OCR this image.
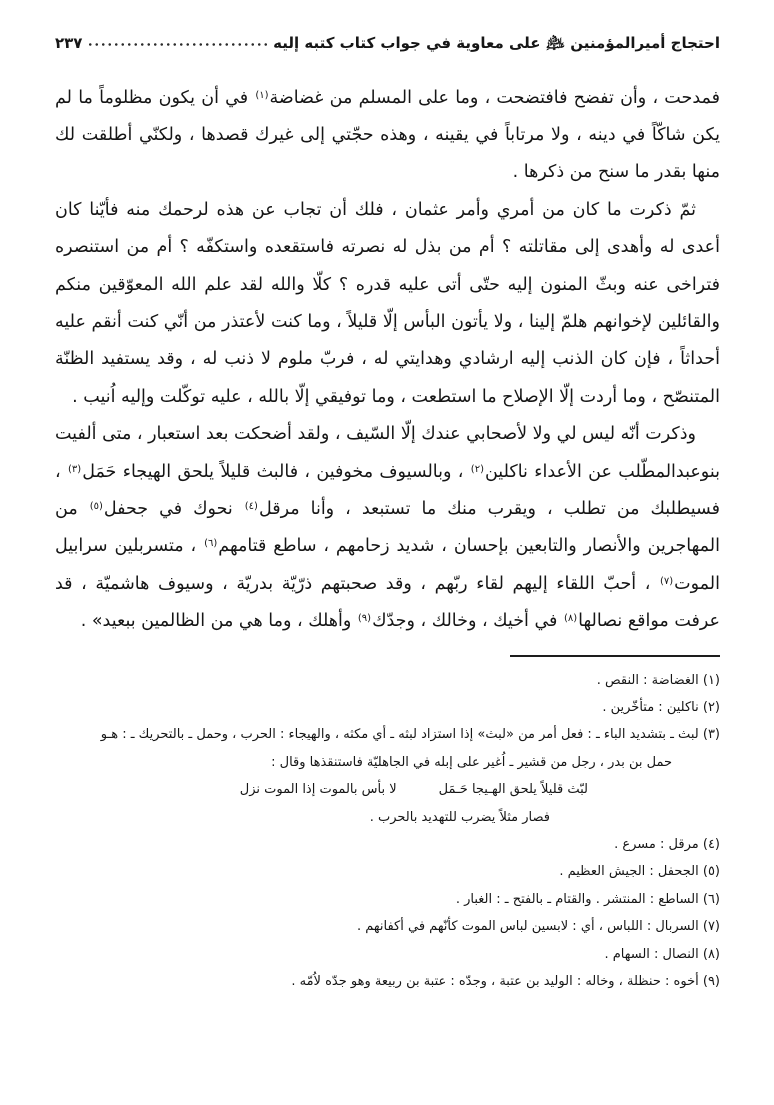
احتجاج أميرالمؤمنين ﵇ على معاوية في جواب كتاب كتبه إليه
٢٣٧

فمدحت ، وأن تفضح فافتضحت ، وما على المسلم من غضاضة$^{(١)}$ في أن يكون مظلوماً ما لم يكن شاكّاً في دينه ، ولا مرتاباً في يقينه ، وهذه حجّتي إلى غيرك قصدها ، ولكنّي أطلقت لك منها بقدر ما سنح من ذكرها .

ثمّ ذكرت ما كان من أمري وأمر عثمان ، فلك أن تجاب عن هذه لرحمك منه فأيّنا كان أعدى له وأهدى إلى مقاتلته ؟ أم من بذل له نصرته فاستقعده واستكفّه ؟ أم من استنصره فتراخى عنه وبثّ المنون إليه حتّى أتى عليه قدره ؟ كلّا والله لقد علم الله المعوّقين منكم والقائلين لإخوانهم هلمّ إلينا ، ولا يأتون البأس إلّا قليلاً ، وما كنت لأعتذر من أنّي كنت أنقم عليه أحداثاً ، فإن كان الذنب إليه ارشادي وهدايتي له ، فربّ ملوم لا ذنب له ، وقد يستفيد الظنّة المتنصّح ، وما أردت إلّا الإصلاح ما استطعت ، وما توفيقي إلّا بالله ، عليه توكّلت وإليه اُنيب .

وذكرت أنّه ليس لي ولا لأصحابي عندك إلّا السّيف ، ولقد أضحكت بعد استعبار ، متى ألفيت بنوعبدالمطّلب عن الأعداء ناكلين$^{(٢)}$ ، وبالسيوف مخوفين ، فالبث قليلاً يلحق الهيجاء حَمَل$^{(٣)}$ ، فسيطلبك من تطلب ، ويقرب منك ما تستبعد ، وأنا مرقل$^{(٤)}$ نحوك في جحفل$^{(٥)}$ من المهاجرين والأنصار والتابعين بإحسان ، شديد زحامهم ، ساطع قتامهم$^{(٦)}$ ، متسربلين سرابيل الموت$^{(٧)}$ ، أحبّ اللقاء إليهم لقاء ربّهم ، وقد صحبتهم ذرّيّة بدريّة ، وسيوف هاشميّة ، قد عرفت مواقع نصالها$^{(٨)}$ في أخيك ، وخالك ، وجدّك$^{(٩)}$ وأهلك ، وما هي من الظالمين ببعيد» .

(١) الغضاضة : النقص .
(٢) ناكلين : متأخّرين .
(٣) لبث ـ بتشديد الباء ـ : فعل أمر من «لبث» إذا استزاد لبثه ـ أي مكثه ، والهيجاء : الحرب ، وحمل ـ بالتحريك ـ : هـو
حمل بن بدر ، رجل من قشير ـ اُغير على إبله في الجاهليّة فاستنقذها وقال :
لبّث قليلاً يلحق الهـيجا حَـمَل
لا بأس بالموت إذا الموت نزل
فصار مثلاً يضرب للتهديد بالحرب .
(٤) مرقل : مسرع .
(٥) الجحفل : الجيش العظيم .
(٦) الساطع : المنتشر . والقتام ـ بالفتح ـ : الغبار .
(٧) السربال : اللباس ، أي : لابسين لباس الموت كأنّهم في أكفانهم .
(٨) النصال : السهام .
(٩) أخوه : حنظلة ، وخاله : الوليد بن عتبة ، وجدّه : عتبة بن ربيعة وهو جدّه لاُمّه .
